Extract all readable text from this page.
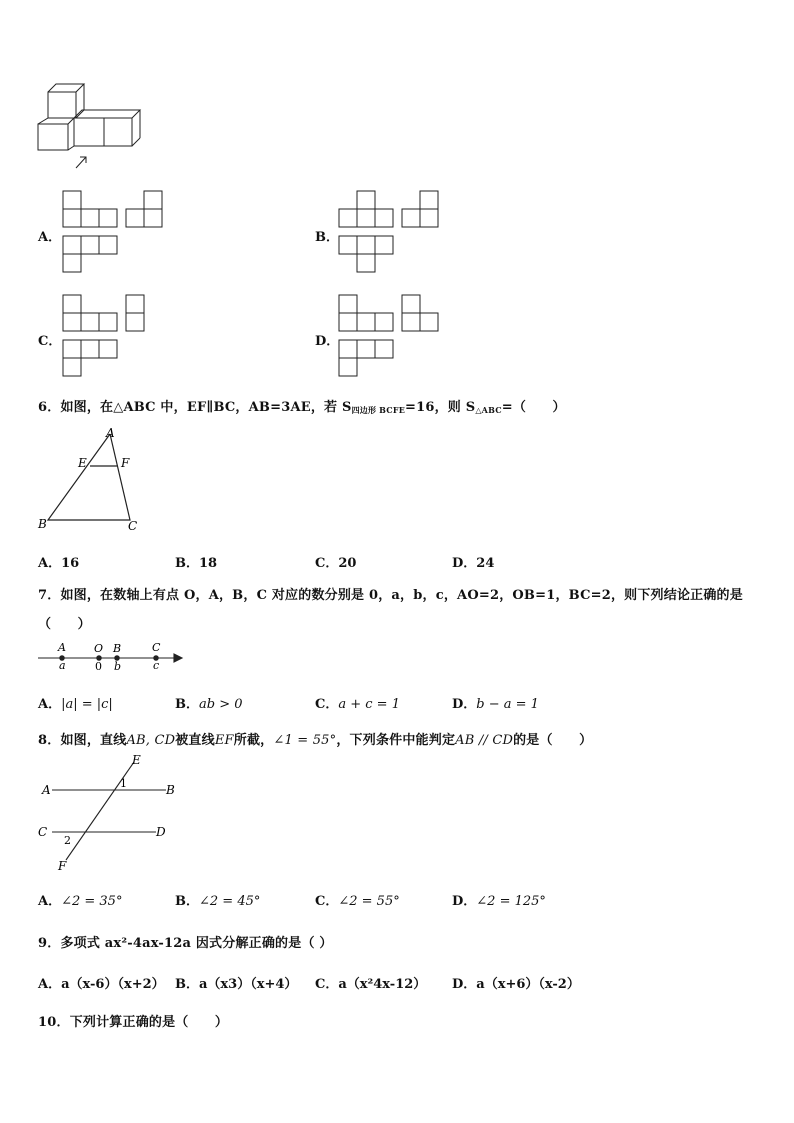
A．	B．
C．	D．
6．如图，在△ABC 中，EF∥BC，AB=3AE，若 $S_{四边形 BCFE}=16$，则 $S_{\triangle ABC}=$（　　）
A
E	F
B	C
A．16	B．18	C．20	D．24
7．如图，在数轴上有点 O，A，B，C 对应的数分别是 0，a，b，c，AO=2，OB=1，BC=2，则下列结论正确的是
（　　）
A
a
O
0
B
b
C
c
A．|a| = |c|	B．ab > 0	C．a + c = 1	D．b − a = 1
8．如图，直线AB, CD被直线EF所截，∠1 = 55°，下列条件中能判定AB // CD的是（　　）
A	B
C	D
E
F
1
2
A．∠2 = 35°	B．∠2 = 45°	C．∠2 = 55°	D．∠2 = 125°
9．多项式 ax²-4ax-12a 因式分解正确的是（ ）
A．a（x-6）（x+2） B．a（x3）（x+4） C．a（x²4x-12） D．a（x+6）（x-2）
10．下列计算正确的是（　　）
